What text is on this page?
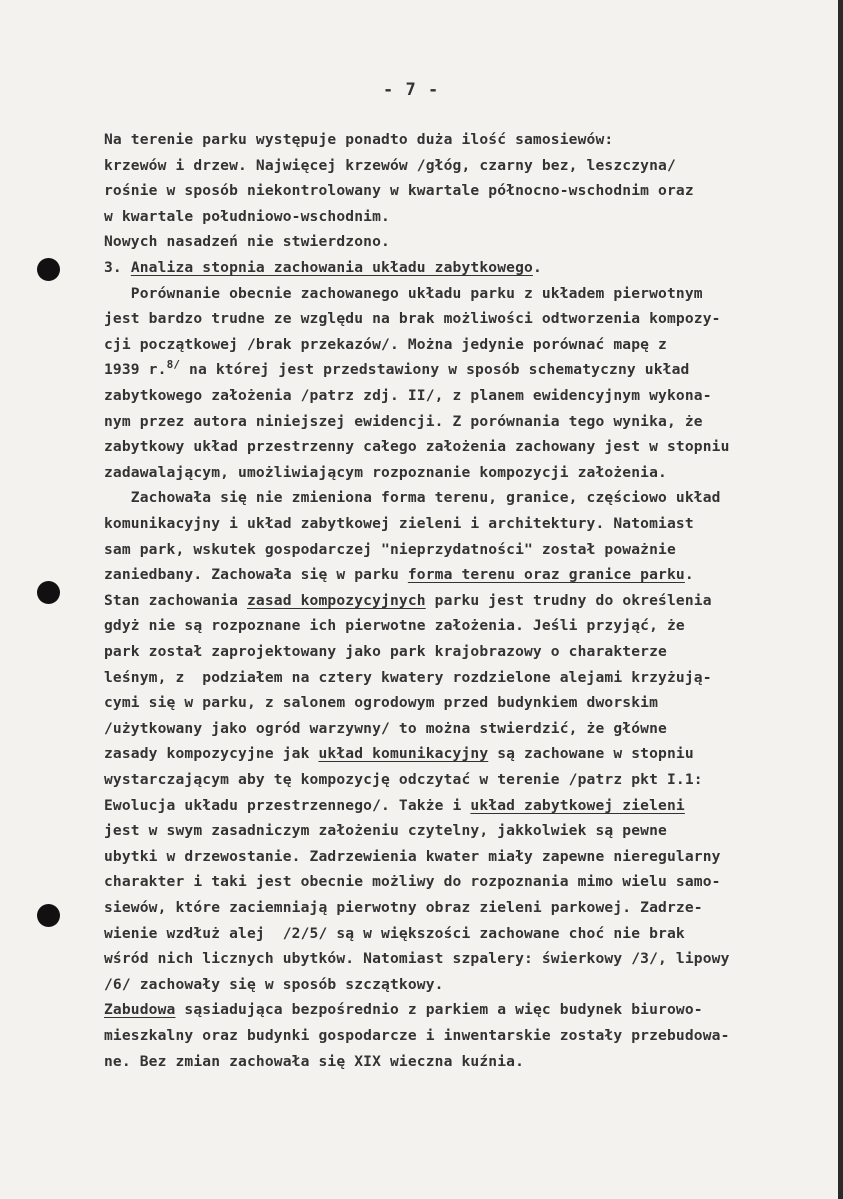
- 7 -
Na terenie parku występuje ponadto duża ilość samosiewów:
krzewów i drzew. Najwięcej krzewów /głóg, czarny bez, leszczyna/
rośnie w sposób niekontrolowany w kwartale północno-wschodnim oraz
w kwartale południowo-wschodnim.
Nowych nasadzeń nie stwierdzono.
3. Analiza stopnia zachowania układu zabytkowego.
Porównanie obecnie zachowanego układu parku z układem pierwotnym
jest bardzo trudne ze względu na brak możliwości odtworzenia kompozy-
cji początkowej /brak przekazów/. Można jedynie porównać mapę z
1939 r.$^{8/}$ na której jest przedstawiony w sposób schematyczny układ
zabytkowego założenia /patrz zdj. II/, z planem ewidencyjnym wykona-
nym przez autora niniejszej ewidencji. Z porównania tego wynika, że
zabytkowy układ przestrzenny całego założenia zachowany jest w stopniu
zadawalającym, umożliwiającym rozpoznanie kompozycji założenia.
Zachowała się nie zmieniona forma terenu, granice, częściowo układ
komunikacyjny i układ zabytkowej zieleni i architektury. Natomiast
sam park, wskutek gospodarczej "nieprzydatności" został poważnie
zaniedbany. Zachowała się w parku forma terenu oraz granice parku.
Stan zachowania zasad kompozycyjnych parku jest trudny do określenia
gdyż nie są rozpoznane ich pierwotne założenia. Jeśli przyjąć, że
park został zaprojektowany jako park krajobrazowy o charakterze
leśnym, z  podziałem na cztery kwatery rozdzielone alejami krzyżują-
cymi się w parku, z salonem ogrodowym przed budynkiem dworskim
/użytkowany jako ogród warzywny/ to można stwierdzić, że główne
zasady kompozycyjne jak układ komunikacyjny są zachowane w stopniu
wystarczającym aby tę kompozycję odczytać w terenie /patrz pkt I.1:
Ewolucja układu przestrzennego/. Także i układ zabytkowej zieleni
jest w swym zasadniczym założeniu czytelny, jakkolwiek są pewne
ubytki w drzewostanie. Zadrzewienia kwater miały zapewne nieregularny
charakter i taki jest obecnie możliwy do rozpoznania mimo wielu samo-
siewów, które zaciemniają pierwotny obraz zieleni parkowej. Zadrze-
wienie wzdłuż alej  /2/5/ są w większości zachowane choć nie brak
wśród nich licznych ubytków. Natomiast szpalery: świerkowy /3/, lipowy
/6/ zachowały się w sposób szczątkowy.
Zabudowa sąsiadująca bezpośrednio z parkiem a więc budynek biurowo-
mieszkalny oraz budynki gospodarcze i inwentarskie zostały przebudowa-
ne. Bez zmian zachowała się XIX wieczna kuźnia.
